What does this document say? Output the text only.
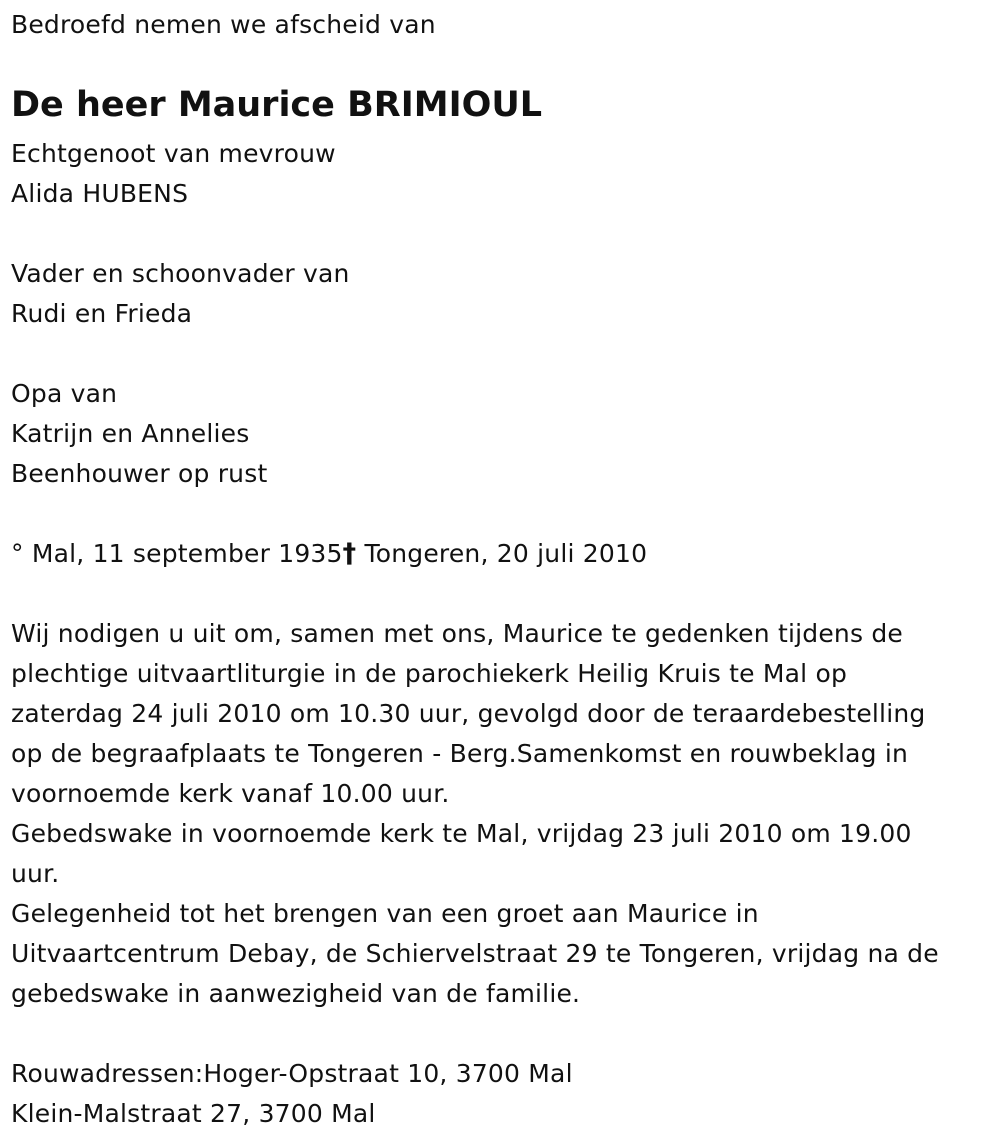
Bedroefd nemen we afscheid van
De heer Maurice BRIMIOUL
Echtgenoot van mevrouw
Alida HUBENS
Vader en schoonvader van
Rudi en Frieda
Opa van
Katrijn en Annelies
Beenhouwer op rust
° Mal, 11 september 1935† Tongeren, 20 juli 2010
Wij nodigen u uit om, samen met ons, Maurice te gedenken tijdens de
plechtige uitvaartliturgie in de parochiekerk Heilig Kruis te Mal op
zaterdag 24 juli 2010 om 10.30 uur, gevolgd door de teraardebestelling
op de begraafplaats te Tongeren - Berg.Samenkomst en rouwbeklag in
voornoemde kerk vanaf 10.00 uur.
Gebedswake in voornoemde kerk te Mal, vrijdag 23 juli 2010 om 19.00
uur.
Gelegenheid tot het brengen van een groet aan Maurice in
Uitvaartcentrum Debay, de Schiervelstraat 29 te Tongeren, vrijdag na de
gebedswake in aanwezigheid van de familie.
Rouwadressen:Hoger-Opstraat 10, 3700 Mal
Klein-Malstraat 27, 3700 Mal
